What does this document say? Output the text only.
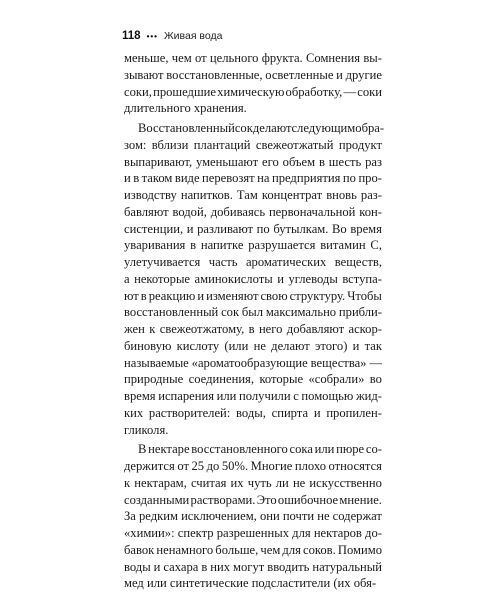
118 ••• Живая вода
меньше, чем от цельного фрукта. Сомнения вы-
зывают восстановленные, осветленные и другие
соки, прошедшие химическую обработку, — соки
длительного хранения.
Восстановленный сок делают следующим обра-
зом: вблизи плантаций свежеотжатый продукт
выпаривают, уменьшают его объем в шесть раз
и в таком виде перевозят на предприятия по про-
изводству напитков. Там концентрат вновь раз-
бавляют водой, добиваясь первоначальной кон-
систенции, и разливают по бутылкам. Во время
уваривания в напитке разрушается витамин C,
улетучивается часть ароматических веществ,
а некоторые аминокислоты и углеводы вступа-
ют в реакцию и изменяют свою структуру. Чтобы
восстановленный сок был максимально прибли-
жен к свежеотжатому, в него добавляют аскор-
биновую кислоту (или не делают этого) и так
называемые «ароматообразующие вещества» —
природные соединения, которые «собрали» во
время испарения или получили с помощью жид-
ких растворителей: воды, спирта и пропилен-
гликоля.
В нектаре восстановленного сока или пюре со-
держится от 25 до 50%. Многие плохо относятся
к нектарам, считая их чуть ли не искусственно
созданными растворами. Это ошибочное мнение.
За редким исключением, они почти не содержат
«химии»: спектр разрешенных для нектаров до-
бавок ненамного больше, чем для соков. Помимо
воды и сахара в них могут вводить натуральный
мед или синтетические подсластители (их обя-
